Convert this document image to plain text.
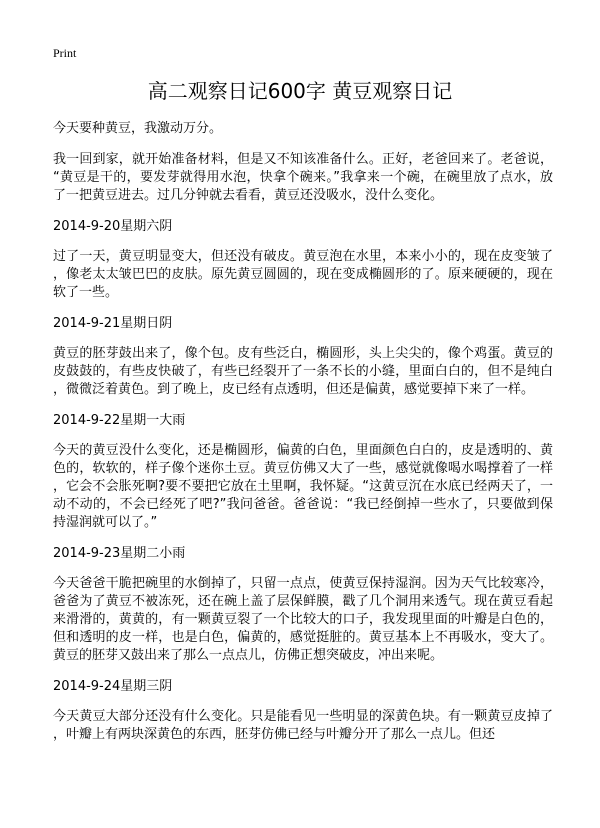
Print
高二观察日记600字 黄豆观察日记

今天要种黄豆，我激动万分。

我一回到家，就开始准备材料，但是又不知该准备什么。正好，老爸回来了。老爸说，“黄豆是干的，要发芽就得用水泡，快拿个碗来。”我拿来一个碗，在碗里放了点水，放了一把黄豆进去。过几分钟就去看看，黄豆还没吸水，没什么变化。

2014-9-20星期六阴

过了一天，黄豆明显变大，但还没有破皮。黄豆泡在水里，本来小小的，现在皮变皱了，像老太太皱巴巴的皮肤。原先黄豆圆圆的，现在变成椭圆形的了。原来硬硬的，现在软了一些。

2014-9-21星期日阴

黄豆的胚芽鼓出来了，像个包。皮有些泛白，椭圆形，头上尖尖的，像个鸡蛋。黄豆的皮鼓鼓的，有些皮快破了，有些已经裂开了一条不长的小缝，里面白白的，但不是纯白，微微泛着黄色。到了晚上，皮已经有点透明，但还是偏黄，感觉要掉下来了一样。

2014-9-22星期一大雨

今天的黄豆没什么变化，还是椭圆形，偏黄的白色，里面颜色白白的，皮是透明的、黄色的，软软的，样子像个迷你土豆。黄豆仿佛又大了一些，感觉就像喝水喝撑着了一样，它会不会胀死啊?要不要把它放在土里啊，我怀疑。“这黄豆沉在水底已经两天了，一动不动的，不会已经死了吧?”我问爸爸。爸爸说：“我已经倒掉一些水了，只要做到保持湿润就可以了。”

2014-9-23星期二小雨

今天爸爸干脆把碗里的水倒掉了，只留一点点，使黄豆保持湿润。因为天气比较寒冷，爸爸为了黄豆不被冻死，还在碗上盖了层保鲜膜，戳了几个洞用来透气。现在黄豆看起来滑滑的，黄黄的，有一颗黄豆裂了一个比较大的口子，我发现里面的叶瓣是白色的，但和透明的皮一样，也是白色，偏黄的，感觉挺脏的。黄豆基本上不再吸水，变大了。黄豆的胚芽又鼓出来了那么一点点儿，仿佛正想突破皮，冲出来呢。

2014-9-24星期三阴

今天黄豆大部分还没有什么变化。只是能看见一些明显的深黄色块。有一颗黄豆皮掉了，叶瓣上有两块深黄色的东西，胚芽仿佛已经与叶瓣分开了那么一点儿。但还
